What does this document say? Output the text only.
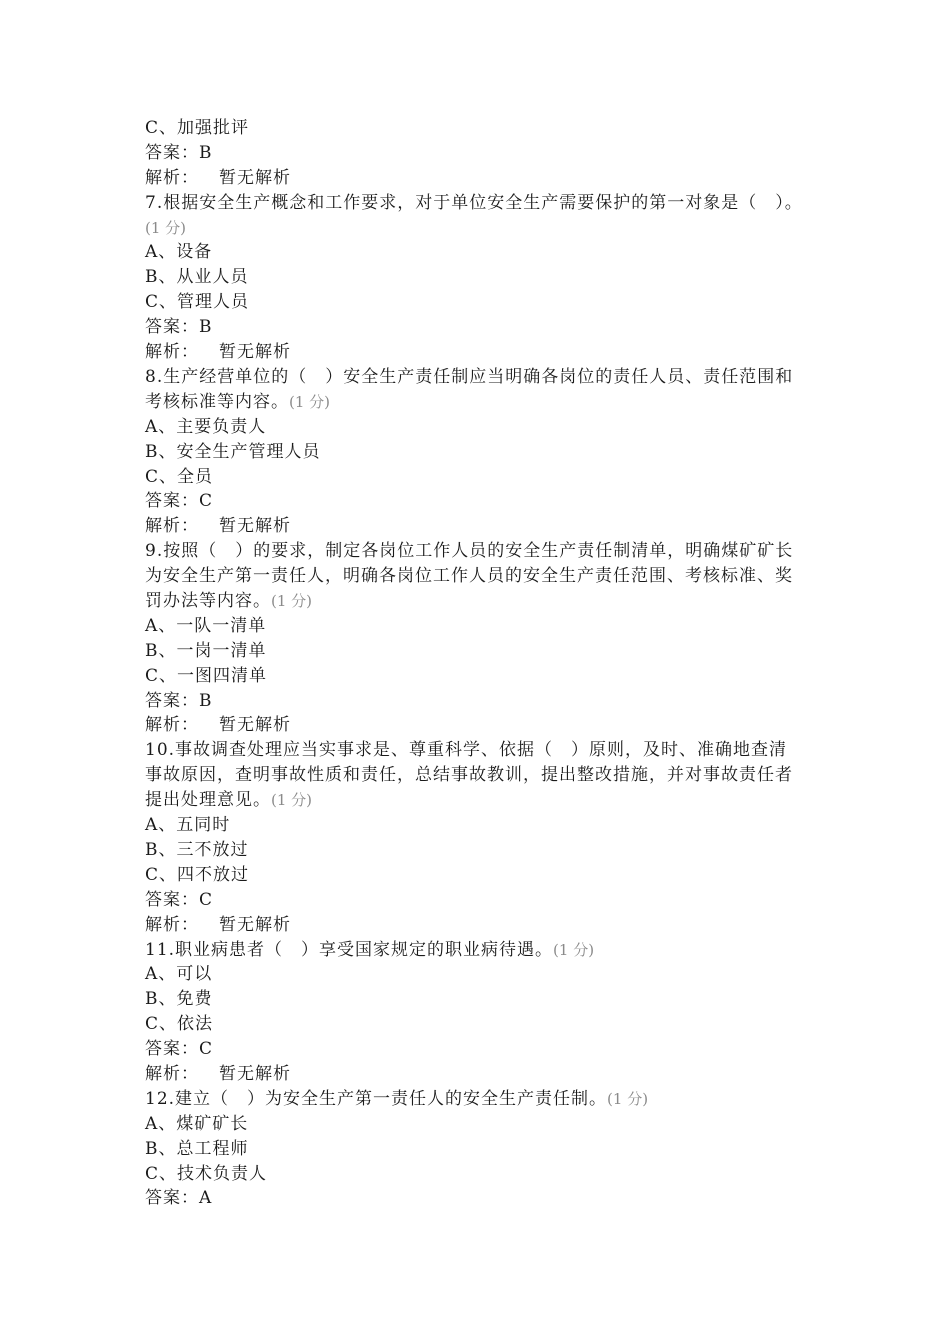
C、加强批评
答案：B
解析： 暂无解析
7.根据安全生产概念和工作要求，对于单位安全生产需要保护的第一对象是（　）。(1 分)
A、设备
B、从业人员
C、管理人员
答案：B
解析： 暂无解析
8.生产经营单位的（　）安全生产责任制应当明确各岗位的责任人员、责任范围和考核标准等内容。(1 分)
A、主要负责人
B、安全生产管理人员
C、全员
答案：C
解析： 暂无解析
9.按照（　）的要求，制定各岗位工作人员的安全生产责任制清单，明确煤矿矿长为安全生产第一责任人，明确各岗位工作人员的安全生产责任范围、考核标准、奖罚办法等内容。(1 分)
A、一队一清单
B、一岗一清单
C、一图四清单
答案：B
解析： 暂无解析
10.事故调查处理应当实事求是、尊重科学、依据（　）原则，及时、准确地查清事故原因，查明事故性质和责任，总结事故教训，提出整改措施，并对事故责任者提出处理意见。(1 分)
A、五同时
B、三不放过
C、四不放过
答案：C
解析： 暂无解析
11.职业病患者（　）享受国家规定的职业病待遇。(1 分)
A、可以
B、免费
C、依法
答案：C
解析： 暂无解析
12.建立（　）为安全生产第一责任人的安全生产责任制。(1 分)
A、煤矿矿长
B、总工程师
C、技术负责人
答案：A
